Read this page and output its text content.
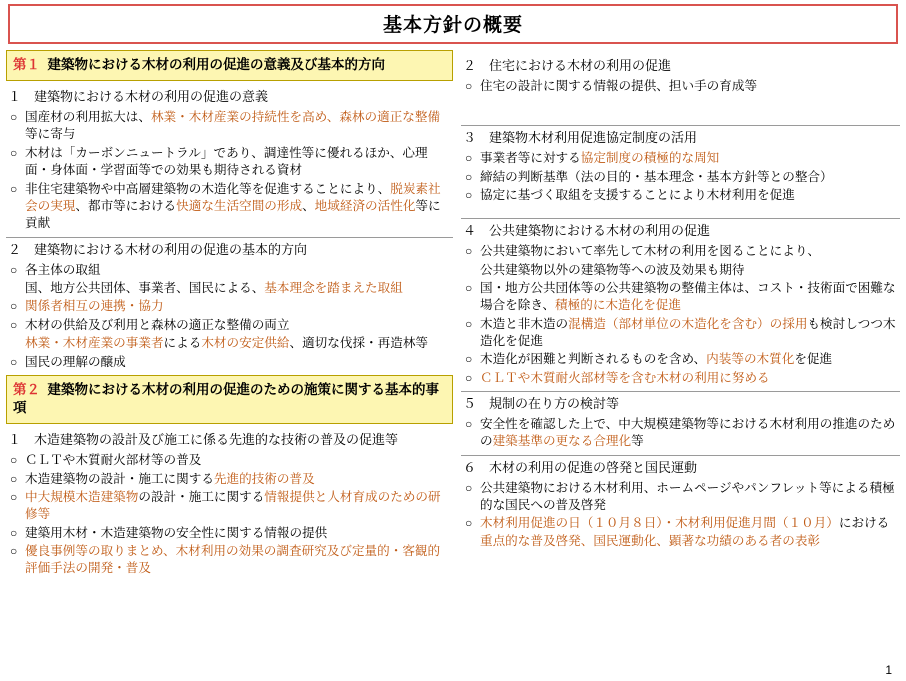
基本方針の概要
第１ 建築物における木材の利用の促進の意義及び基本的方向
１　建築物における木材の利用の促進の意義
○ 国産材の利用拡大は、林業・木材産業の持続性を高め、森林の適正な整備等に寄与
○ 木材は「カーボンニュートラル」であり、調達性等に優れるほか、心理面・身体面・学習面等での効果も期待される資材
○ 非住宅建築物や中高層建築物の木造化等を促進することにより、脱炭素社会の実現、都市等における快適な生活空間の形成、地域経済の活性化等に貢献
２　建築物における木材の利用の促進の基本的方向
○ 各主体の取組
国、地方公共団体、事業者、国民による、基本理念を踏まえた取組
○ 関係者相互の連携・協力
○ 木材の供給及び利用と森林の適正な整備の両立
林業・木材産業の事業者による木材の安定供給、適切な伐採・再造林等
○ 国民の理解の醸成
第２ 建築物における木材の利用の促進のための施策に関する基本的事項
１　木造建築物の設計及び施工に係る先進的な技術の普及の促進等
○ ＣＬＴや木質耐火部材等の普及
○ 木造建築物の設計・施工に関する先進的技術の普及
○ 中大規模木造建築物の設計・施工に関する情報提供と人材育成のための研修等
○ 建築用木材・木造建築物の安全性に関する情報の提供
○ 優良事例等の取りまとめ、木材利用の効果の調査研究及び定量的・客観的評価手法の開発・普及
２　住宅における木材の利用の促進
○ 住宅の設計に関する情報の提供、担い手の育成等
３　建築物木材利用促進協定制度の活用
○ 事業者等に対する協定制度の積極的な周知
○ 締結の判断基準（法の目的・基本理念・基本方針等との整合）
○ 協定に基づく取組を支援することにより木材利用を促進
４　公共建築物における木材の利用の促進
○ 公共建築物において率先して木材の利用を図ることにより、
公共建築物以外の建築物等への波及効果も期待
○ 国・地方公共団体等の公共建築物の整備主体は、コスト・技術面で困難な場合を除き、積極的に木造化を促進
○ 木造と非木造の混構造（部材単位の木造化を含む）の採用も検討しつつ木造化を促進
○ 木造化が困難と判断されるものを含め、内装等の木質化を促進
○ ＣＬＴや木質耐火部材等を含む木材の利用に努める
５　規制の在り方の検討等
○ 安全性を確認した上で、中大規模建築物等における木材利用の推進のための建築基準の更なる合理化等
６　木材の利用の促進の啓発と国民運動
○ 公共建築物における木材利用、ホームページやパンフレット等による積極的な国民への普及啓発
○ 木材利用促進の日（１０月８日）・木材利用促進月間（１０月）における重点的な普及啓発、国民運動化、顕著な功績のある者の表彰
1
